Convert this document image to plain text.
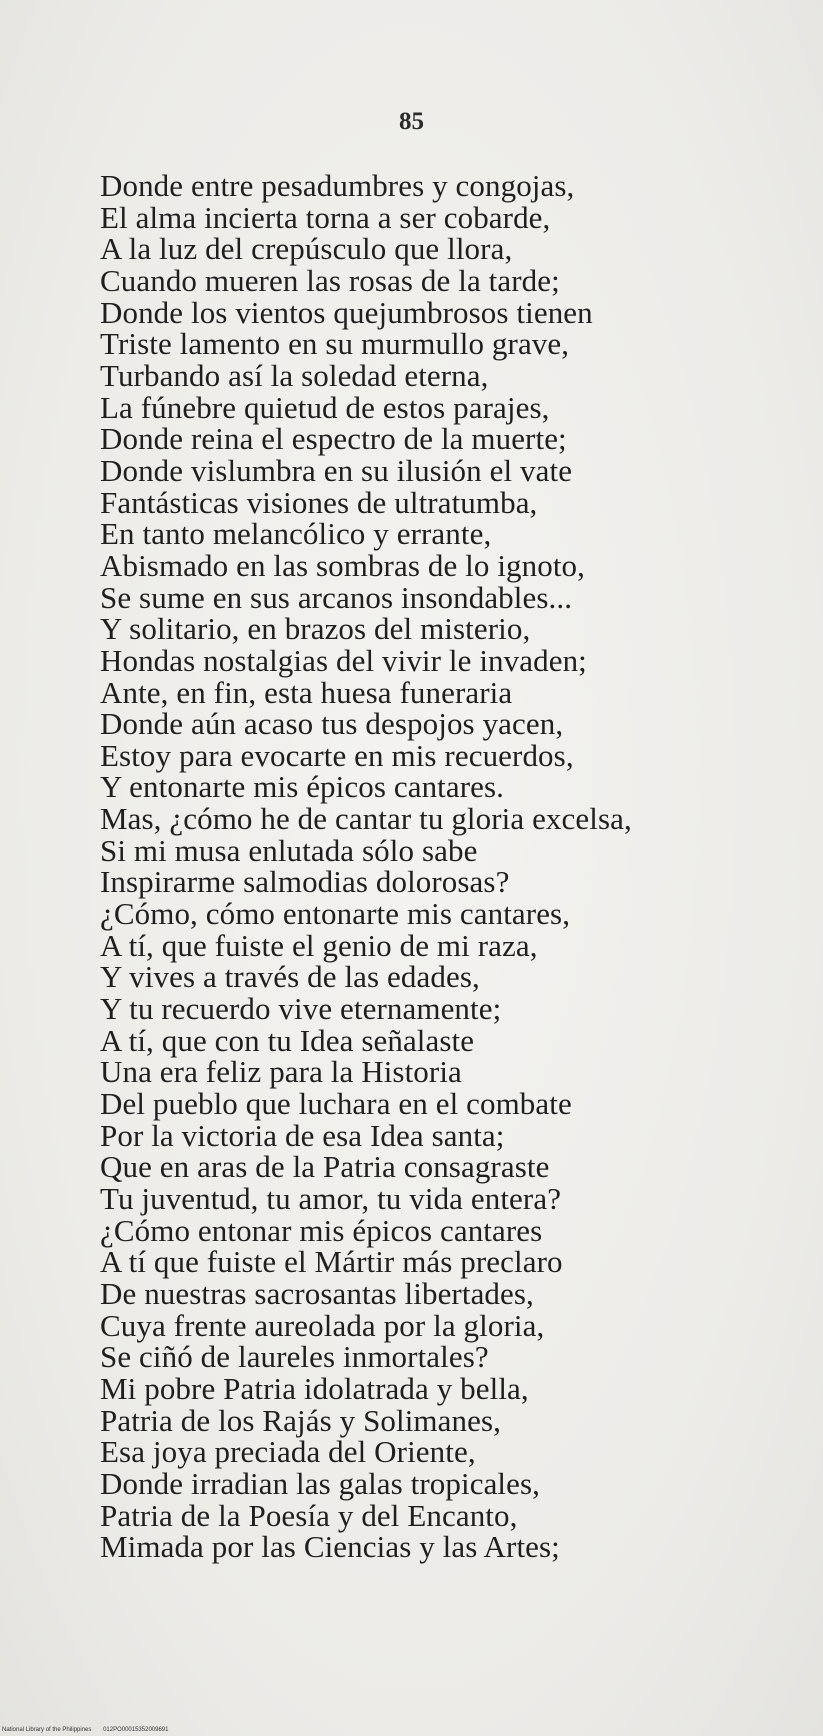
85
Donde entre pesadumbres y congojas,
El alma incierta torna a ser cobarde,
A la luz del crepúsculo que llora,
Cuando mueren las rosas de la tarde;
Donde los vientos quejumbrosos tienen
Triste lamento en su murmullo grave,
Turbando así la soledad eterna,
La fúnebre quietud de estos parajes,
Donde reina el espectro de la muerte;
Donde vislumbra en su ilusión el vate
Fantásticas visiones de ultratumba,
En tanto melancólico y errante,
Abismado en las sombras de lo ignoto,
Se sume en sus arcanos insondables...
Y solitario, en brazos del misterio,
Hondas nostalgias del vivir le invaden;
Ante, en fin, esta huesa funeraria
Donde aún acaso tus despojos yacen,
Estoy para evocarte en mis recuerdos,
Y entonarte mis épicos cantares.
Mas, ¿cómo he de cantar tu gloria excelsa,
Si mi musa enlutada sólo sabe
Inspirarme salmodias dolorosas?
¿Cómo, cómo entonarte mis cantares,
A tí, que fuiste el genio de mi raza,
Y vives a través de las edades,
Y tu recuerdo vive eternamente;
A tí, que con tu Idea señalaste
Una era feliz para la Historia
Del pueblo que luchara en el combate
Por la victoria de esa Idea santa;
Que en aras de la Patria consagraste
Tu juventud, tu amor, tu vida entera?
¿Cómo entonar mis épicos cantares
A tí que fuiste el Mártir más preclaro
De nuestras sacrosantas libertades,
Cuya frente aureolada por la gloria,
Se ciñó de laureles inmortales?
Mi pobre Patria idolatrada y bella,
Patria de los Rajás y Solimanes,
Esa joya preciada del Oriente,
Donde irradian las galas tropicales,
Patria de la Poesía y del Encanto,
Mimada por las Ciencias y las Artes;
National Library of the Philippines 012PO00015352009691
